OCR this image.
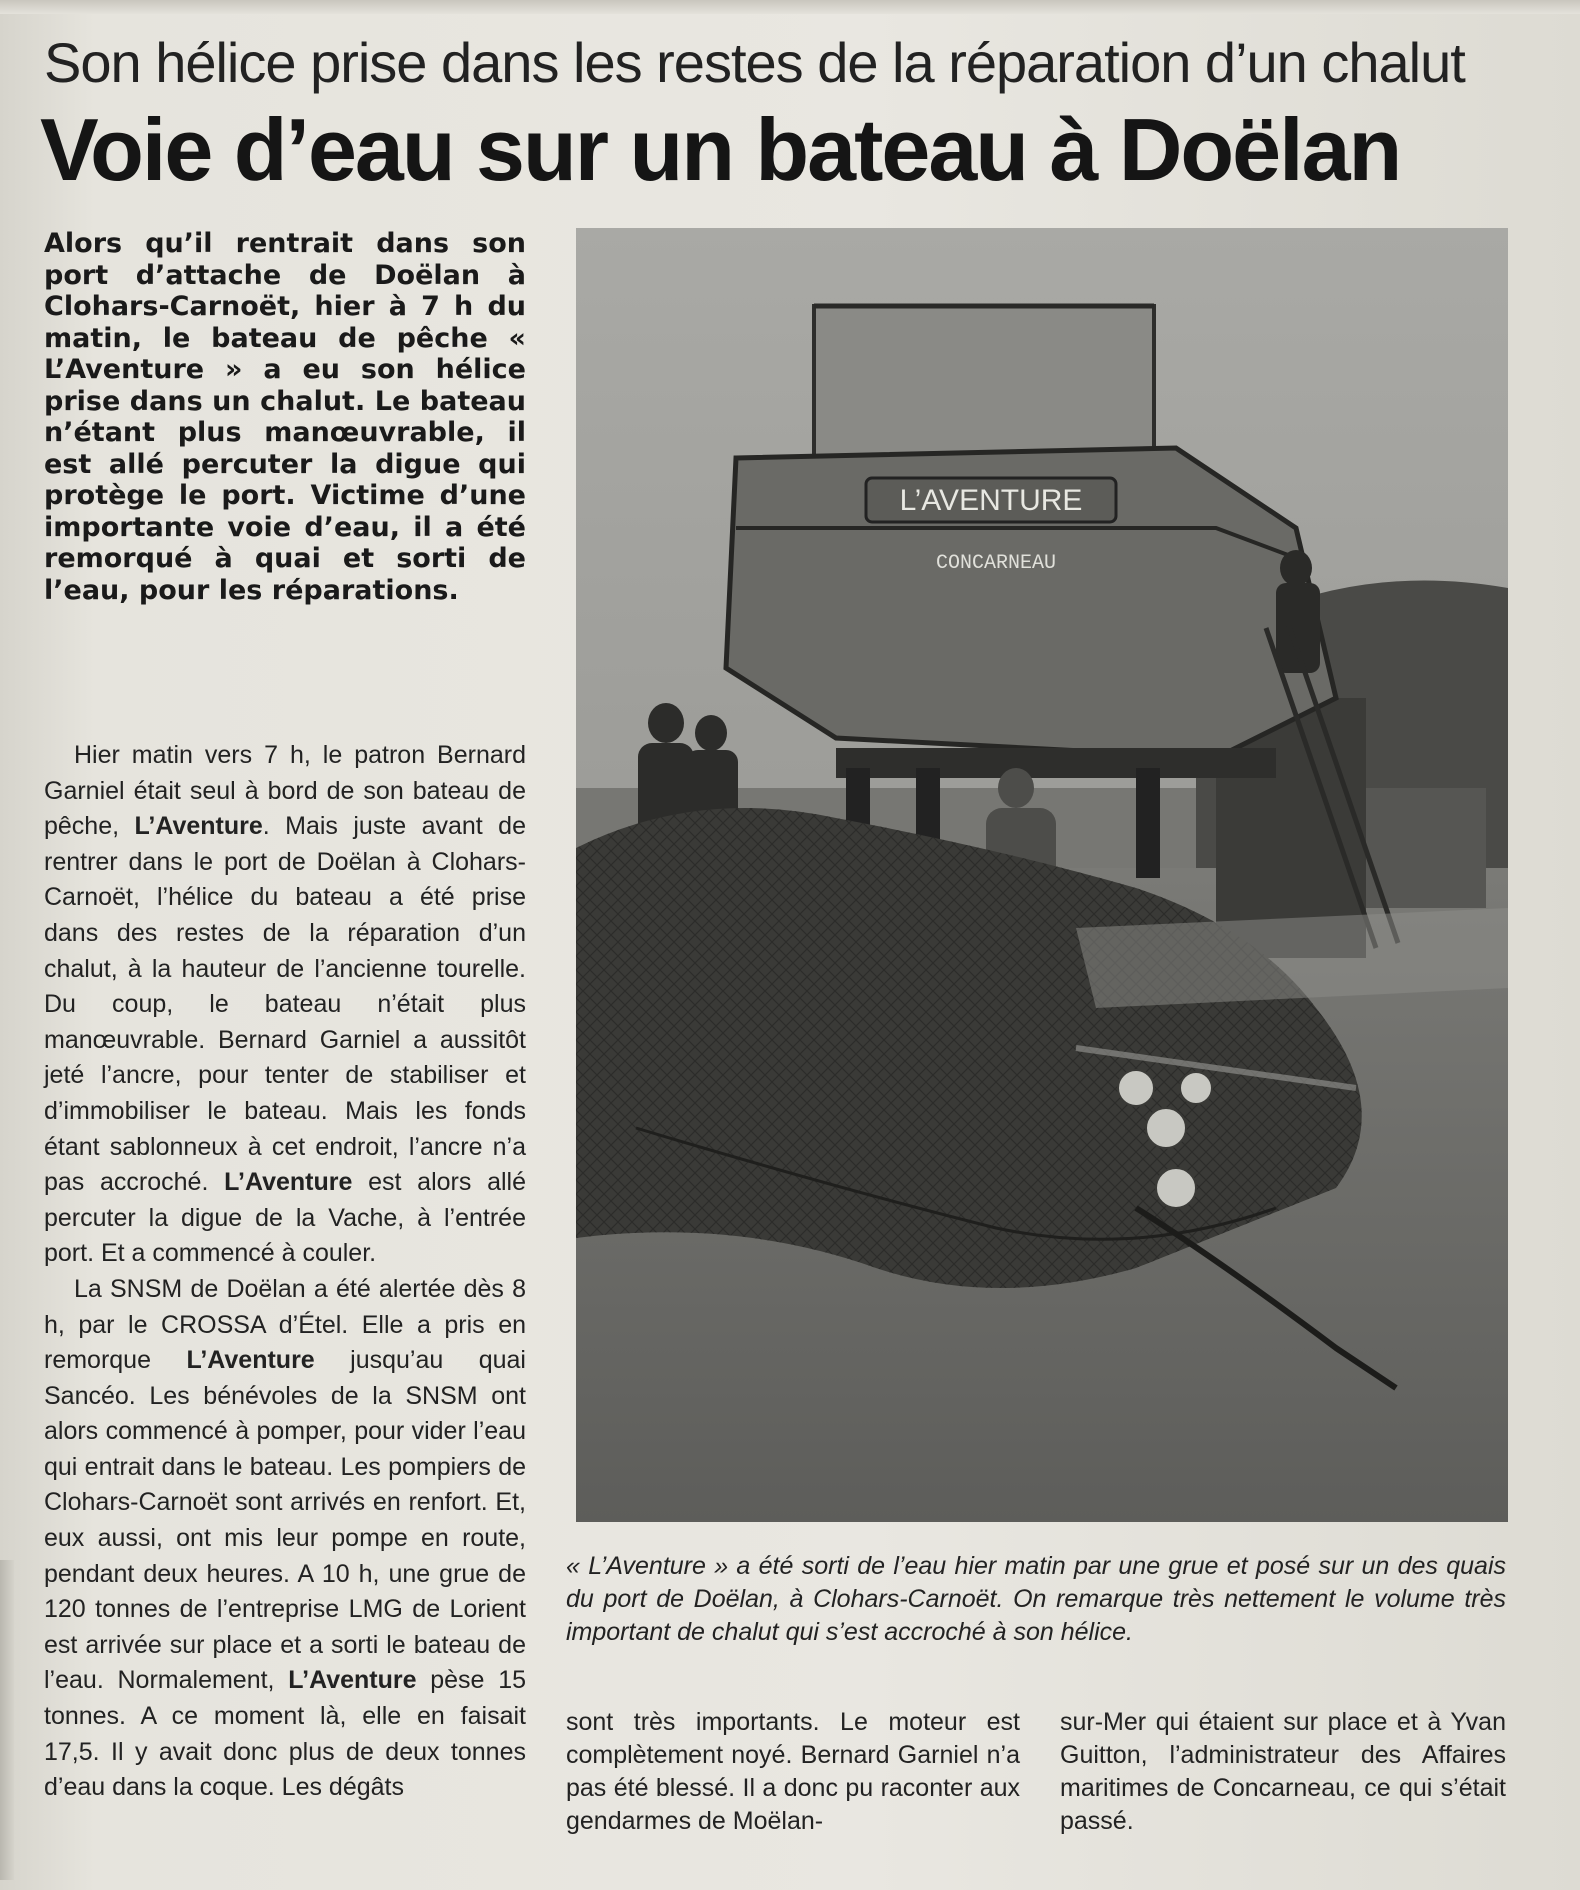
Son hélice prise dans les restes de la réparation d’un chalut
Voie d’eau sur un bateau à Doëlan
Alors qu’il rentrait dans son port d’attache de Doëlan à Clohars-Carnoët, hier à 7 h du matin, le bateau de pêche « L’Aventure » a eu son hélice prise dans un chalut. Le bateau n’étant plus manœuvrable, il est allé percuter la digue qui protège le port. Victime d’une importante voie d’eau, il a été remorqué à quai et sorti de l’eau, pour les réparations.

Hier matin vers 7 h, le patron Bernard Garniel était seul à bord de son bateau de pêche, L’Aventure. Mais juste avant de rentrer dans le port de Doëlan à Clohars-Carnoët, l’hélice du bateau a été prise dans des restes de la réparation d’un chalut, à la hauteur de l’ancienne tourelle. Du coup, le bateau n’était plus manœuvrable. Bernard Garniel a aussitôt jeté l’ancre, pour tenter de stabiliser et d’immobiliser le bateau. Mais les fonds étant sablonneux à cet endroit, l’ancre n’a pas accroché. L’Aventure est alors allé percuter la digue de la Vache, à l’entrée port. Et a commencé à couler.

La SNSM de Doëlan a été alertée dès 8 h, par le CROSSA d’Étel. Elle a pris en remorque L’Aventure jusqu’au quai Sancéo. Les bénévoles de la SNSM ont alors commencé à pomper, pour vider l’eau qui entrait dans le bateau. Les pompiers de Clohars-Carnoët sont arrivés en renfort. Et, eux aussi, ont mis leur pompe en route, pendant deux heures. A 10 h, une grue de 120 tonnes de l’entreprise LMG de Lorient est arrivée sur place et a sorti le bateau de l’eau. Normalement, L’Aventure pèse 15 tonnes. A ce moment là, elle en faisait 17,5. Il y avait donc plus de deux tonnes d’eau dans la coque. Les dégâts

L’AVENTURE
CONCARNEAU
« L’Aventure » a été sorti de l’eau hier matin par une grue et posé sur un des quais du port de Doëlan, à Clohars-Carnoët. On remarque très nettement le volume très important de chalut qui s’est accroché à son hélice.
sont très importants. Le moteur est complètement noyé. Bernard Garniel n’a pas été blessé. Il a donc pu raconter aux gendarmes de Moëlan-
sur-Mer qui étaient sur place et à Yvan Guitton, l’administrateur des Affaires maritimes de Concarneau, ce qui s’était passé.
